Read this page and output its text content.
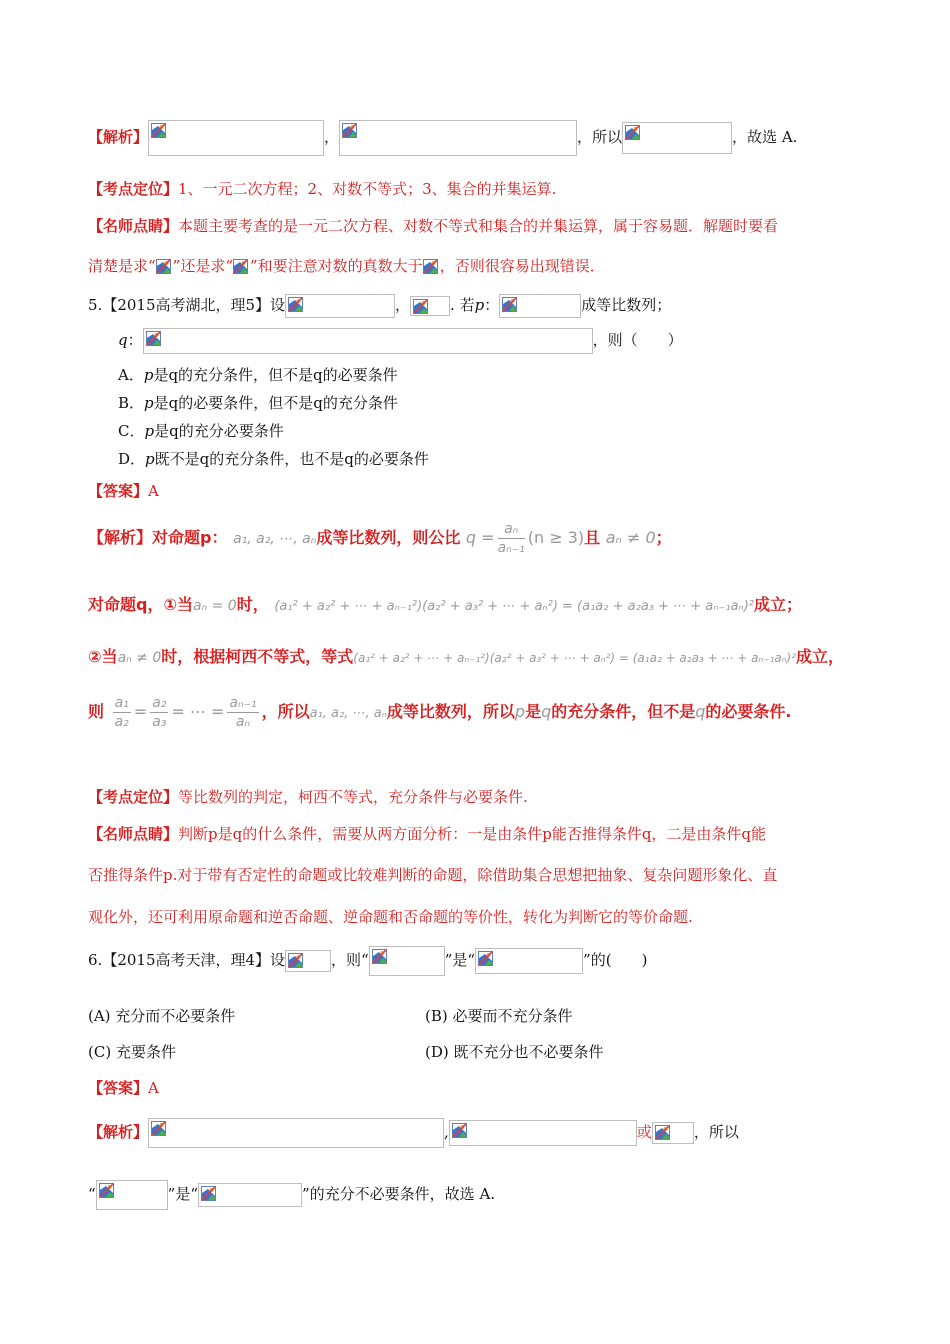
【解析】	，	，所以	，故选 A.
【考点定位】1、一元二次方程；2、对数不等式；3、集合的并集运算.
【名师点睛】本题主要考查的是一元二次方程、对数不等式和集合的并集运算，属于容易题．解题时要看
清楚是求“ ”还是求“ ”和要注意对数的真数大于 ，否则很容易出现错误．
5.【2015高考湖北，理5】设	，	. 若p：	成等比数列；
q：	，则（　　）
A．p是q的充分条件，但不是q的必要条件
B．p是q的必要条件，但不是q的充分条件
C．p是q的充分必要条件
D．p既不是q的充分条件，也不是q的必要条件
【答案】A
【解析】对命题p： a₁, a₂, ⋯, aₙ成等比数列，则公比 $q = \frac{\text{aₙ}}{\text{aₙ₋₁}} (n \ge 3)$且 aₙ ≠ 0；
对命题q，①当aₙ = 0时， (a₁² + a₂² + ⋯ + aₙ₋₁²)(a₂² + a₃² + ⋯ + aₙ²) = (a₁a₂ + a₂a₃ + ⋯ + aₙ₋₁aₙ)²成立；
②当aₙ ≠ 0时，根据柯西不等式，等式(a₁² + a₂² + ⋯ + aₙ₋₁²)(a₂² + a₃² + ⋯ + aₙ²) = (a₁a₂ + a₂a₃ + ⋯ + aₙ₋₁aₙ)²成立，
则 $\frac{\text{a₁}}{\text{a₂}} = \frac{\text{a₂}}{\text{a₃}}$ = ⋯ = $\frac{\text{aₙ₋₁}}{\text{aₙ}}$ ，所以a₁, a₂, ⋯, aₙ成等比数列，所以p是q的充分条件，但不是q的必要条件.
【考点定位】等比数列的判定，柯西不等式，充分条件与必要条件.
【名师点睛】判断p是q的什么条件，需要从两方面分析：一是由条件p能否推得条件q，二是由条件q能
否推得条件p.对于带有否定性的命题或比较难判断的命题，除借助集合思想把抽象、复杂问题形象化、直
观化外，还可利用原命题和逆否命题、逆命题和否命题的等价性，转化为判断它的等价命题.
6.【2015高考天津，理4】设	，则“	”是“	”的(　　)
(A) 充分而不必要条件	(B) 必要而不充分条件
(C) 充要条件	(D) 既不充分也不必要条件
【答案】A
【解析】	,	或	，所以
“	”是“	”的充分不必要条件，故选 A.
